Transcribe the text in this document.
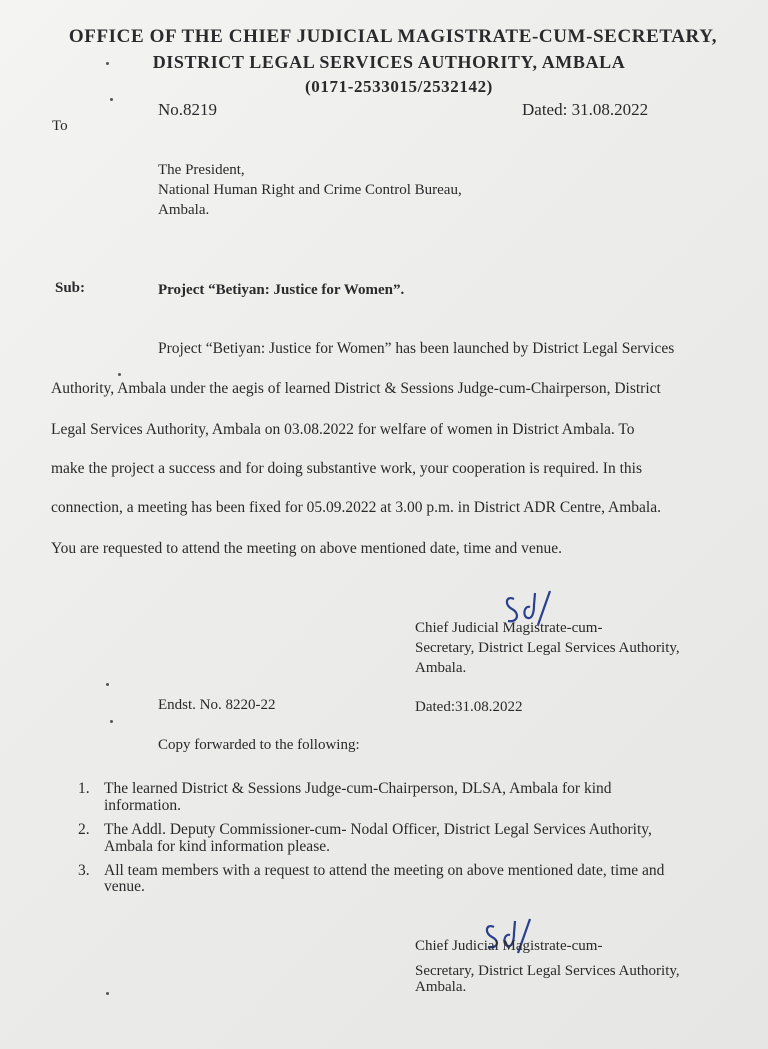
OFFICE OF THE CHIEF JUDICIAL MAGISTRATE-CUM-SECRETARY,
DISTRICT LEGAL SERVICES AUTHORITY, AMBALA
(0171-2533015/2532142)
No.8219	Dated: 31.08.2022
To
The President,
National Human Right and Crime Control Bureau,
Ambala.
Sub:	Project “Betiyan: Justice for Women”.
Project “Betiyan: Justice for Women” has been launched by District Legal Services
Authority, Ambala under the aegis of learned District & Sessions Judge-cum-Chairperson, District
Legal Services Authority, Ambala on 03.08.2022 for welfare of women in District Ambala. To
make the project a success and for doing substantive work, your cooperation is required. In this
connection, a meeting has been fixed for 05.09.2022 at 3.00 p.m. in District ADR Centre, Ambala.
You are requested to attend the meeting on above mentioned date, time and venue.
Chief Judicial Magistrate-cum-
Secretary, District Legal Services Authority,
Ambala.
Endst. No. 8220-22	Dated:31.08.2022
Copy forwarded to the following:
1. The learned District & Sessions Judge-cum-Chairperson, DLSA, Ambala for kind
information.
2. The Addl. Deputy Commissioner-cum- Nodal Officer, District Legal Services Authority,
Ambala for kind information please.
3. All team members with a request to attend the meeting on above mentioned date, time and
venue.
Chief Judicial Magistrate-cum-
Secretary, District Legal Services Authority,
Ambala.
